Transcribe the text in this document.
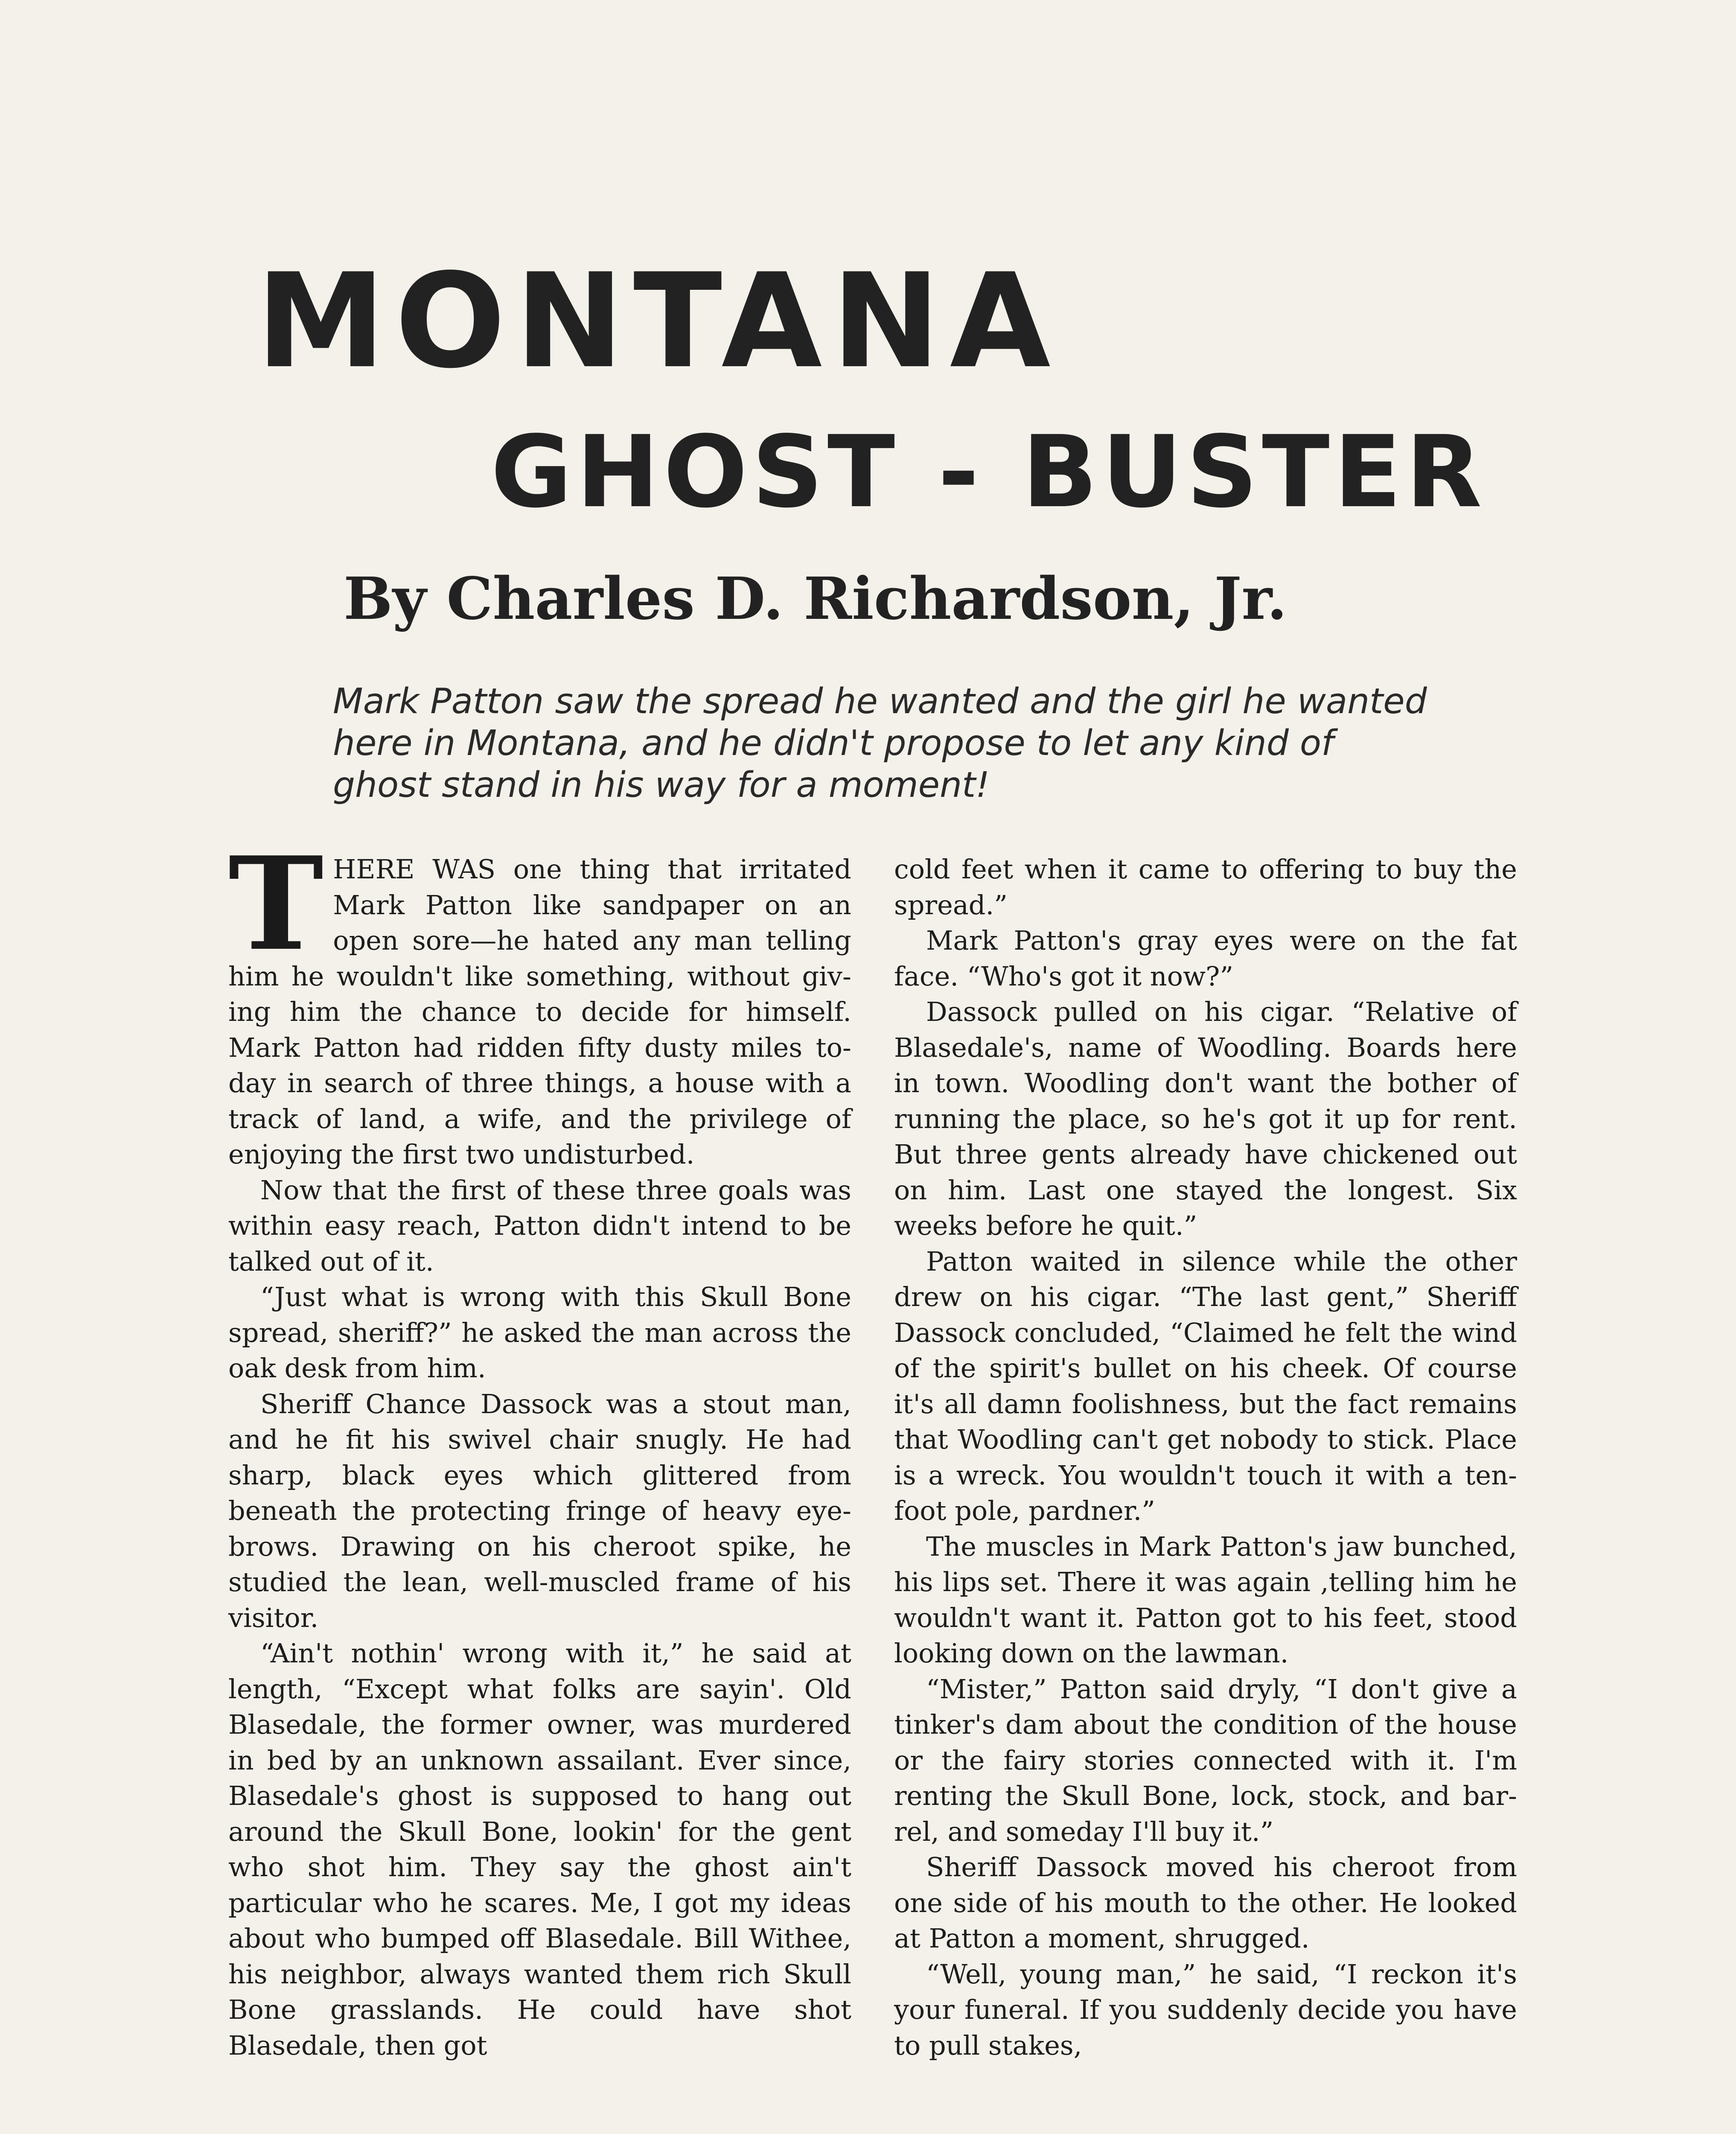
MONTANA
GHOST - BUSTER
By Charles D. Richardson, Jr.

Mark Patton saw the spread he wanted and the girl he wanted here in Montana, and he didn't propose to let any kind of ghost stand in his way for a moment!

T HERE WAS one thing that irritated Mark Patton like sandpaper on an open sore—he hated any man telling him he wouldn't like something, without giving him the chance to decide for himself. Mark Patton had ridden fifty dusty miles to-day in search of three things, a house with a track of land, a wife, and the privilege of enjoying the first two undisturbed.

Now that the first of these three goals was within easy reach, Patton didn't intend to be talked out of it.

“Just what is wrong with this Skull Bone spread, sheriff?” he asked the man across the oak desk from him.

Sheriff Chance Dassock was a stout man, and he fit his swivel chair snugly. He had sharp, black eyes which glittered from beneath the protecting fringe of heavy eyebrows. Drawing on his cheroot spike, he studied the lean, well-muscled frame of his visitor.

“Ain't nothin' wrong with it,” he said at length, “Except what folks are sayin'. Old Blasedale, the former owner, was murdered in bed by an unknown assailant. Ever since, Blasedale's ghost is supposed to hang out around the Skull Bone, lookin' for the gent who shot him. They say the ghost ain't particular who he scares. Me, I got my ideas about who bumped off Blasedale. Bill Withee, his neighbor, always wanted them rich Skull Bone grasslands. He could have shot Blasedale, then got

cold feet when it came to offering to buy the spread.”

Mark Patton's gray eyes were on the fat face. “Who's got it now?”

Dassock pulled on his cigar. “Relative of Blasedale's, name of Woodling. Boards here in town. Woodling don't want the bother of running the place, so he's got it up for rent. But three gents already have chickened out on him. Last one stayed the longest. Six weeks before he quit.”

Patton waited in silence while the other drew on his cigar. “The last gent,” Sheriff Dassock concluded, “Claimed he felt the wind of the spirit's bullet on his cheek. Of course it's all damn foolishness, but the fact remains that Woodling can't get nobody to stick. Place is a wreck. You wouldn't touch it with a ten-foot pole, pardner.”

The muscles in Mark Patton's jaw bunched, his lips set. There it was again ,telling him he wouldn't want it. Patton got to his feet, stood looking down on the lawman.

“Mister,” Patton said dryly, “I don't give a tinker's dam about the condition of the house or the fairy stories connected with it. I'm renting the Skull Bone, lock, stock, and barrel, and someday I'll buy it.”

Sheriff Dassock moved his cheroot from one side of his mouth to the other. He looked at Patton a moment, shrugged.

“Well, young man,” he said, “I reckon it's your funeral. If you suddenly decide you have to pull stakes,
